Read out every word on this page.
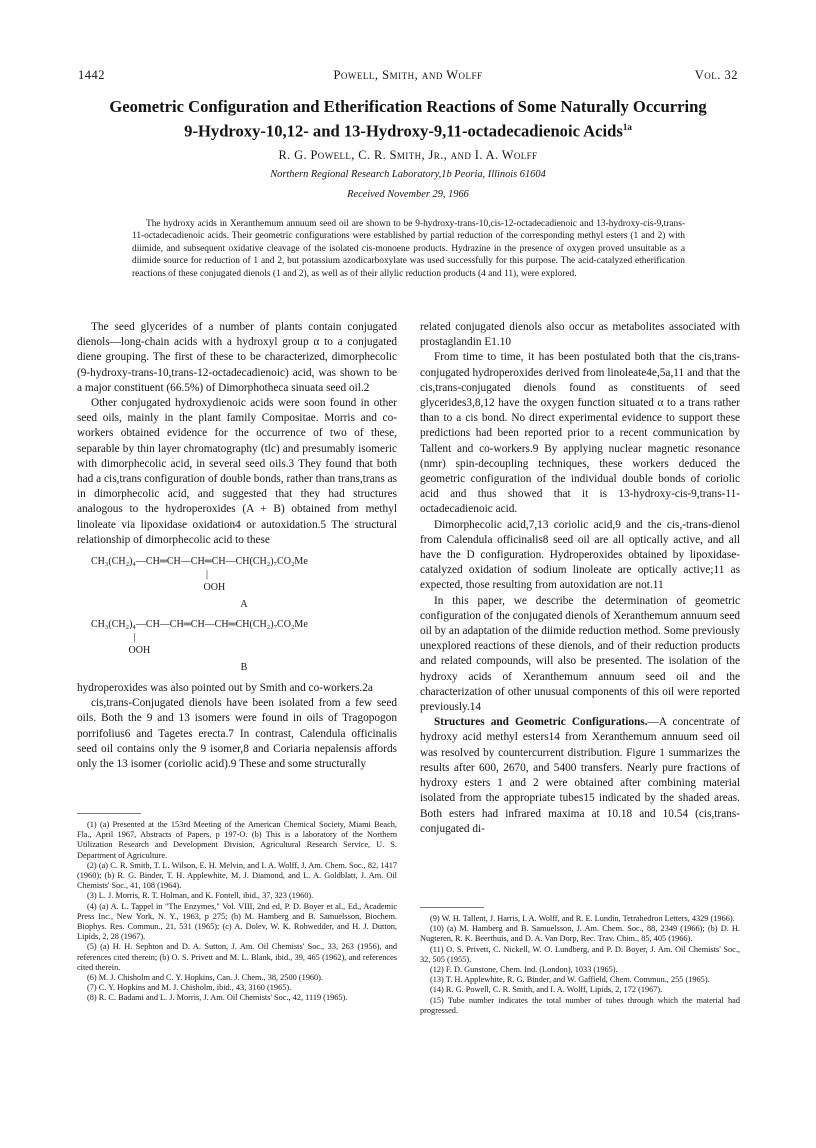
1442	Powell, Smith, and Wolff	Vol. 32
Geometric Configuration and Etherification Reactions of Some Naturally Occurring
9-Hydroxy-10,12- and 13-Hydroxy-9,11-octadecadienoic Acids$^{1a}$
R. G. Powell, C. R. Smith, Jr., and I. A. Wolff
Northern Regional Research Laboratory,1b Peoria, Illinois 61604
Received November 29, 1966

The hydroxy acids in Xeranthemum annuum seed oil are shown to be 9-hydroxy-trans-10,cis-12-octadecadienoic and 13-hydroxy-cis-9,trans-11-octadecadienoic acids. Their geometric configurations were established by partial reduction of the corresponding methyl esters (1 and 2) with diimide, and subsequent oxidative cleavage of the isolated cis-monoene products. Hydrazine in the presence of oxygen proved unsuitable as a diimide source for reduction of 1 and 2, but potassium azodicarboxylate was used successfully for this purpose. The acid-catalyzed etherification reactions of these conjugated dienols (1 and 2), as well as of their allylic reduction products (4 and 11), were explored.

The seed glycerides of a number of plants contain conjugated dienols—long-chain acids with a hydroxyl group α to a conjugated diene grouping. The first of these to be characterized, dimorphecolic (9-hydroxy-trans-10,trans-12-octadecadienoic) acid, was shown to be a major constituent (66.5%) of Dimorphotheca sinuata seed oil.2

Other conjugated hydroxydienoic acids were soon found in other seed oils, mainly in the plant family Compositae. Morris and co-workers obtained evidence for the occurrence of two of these, separable by thin layer chromatography (tlc) and presumably isomeric with dimorphecolic acid, in several seed oils.3 They found that both had a cis,trans configuration of double bonds, rather than trans,trans as in dimorphecolic acid, and suggested that they had structures analogous to the hydroperoxides (A + B) obtained from methyl linoleate via lipoxidase oxidation4 or autoxidation.5 The structural relationship of dimorphecolic acid to these

CH₃(CH₂)₄—CH═CH—CH═CH—CH(CH₂)₇CO₂Me
|
OOH
A
CH₃(CH₂)₄—CH—CH═CH—CH═CH(CH₂)₇CO₂Me
|
OOH
B

hydroperoxides was also pointed out by Smith and co-workers.2a

cis,trans-Conjugated dienols have been isolated from a few seed oils. Both the 9 and 13 isomers were found in oils of Tragopogon porrifolius6 and Tagetes erecta.7 In contrast, Calendula officinalis seed oil contains only the 9 isomer,8 and Coriaria nepalensis affords only the 13 isomer (coriolic acid).9 These and some structurally

related conjugated dienols also occur as metabolites associated with prostaglandin E1.10

From time to time, it has been postulated both that the cis,trans-conjugated hydroperoxides derived from linoleate4e,5a,11 and that the cis,trans-conjugated dienols found as constituents of seed glycerides3,8,12 have the oxygen function situated α to a trans rather than to a cis bond. No direct experimental evidence to support these predictions had been reported prior to a recent communication by Tallent and co-workers.9 By applying nuclear magnetic resonance (nmr) spin-decoupling techniques, these workers deduced the geometric configuration of the individual double bonds of coriolic acid and thus showed that it is 13-hydroxy-cis-9,trans-11-octadecadienoic acid.

Dimorphecolic acid,7,13 coriolic acid,9 and the cis,-trans-dienol from Calendula officinalis8 seed oil are all optically active, and all have the D configuration. Hydroperoxides obtained by lipoxidase-catalyzed oxidation of sodium linoleate are optically active;11 as expected, those resulting from autoxidation are not.11

In this paper, we describe the determination of geometric configuration of the conjugated dienols of Xeranthemum annuum seed oil by an adaptation of the diimide reduction method. Some previously unexplored reactions of these dienols, and of their reduction products and related compounds, will also be presented. The isolation of the hydroxy acids of Xeranthemum annuum seed oil and the characterization of other unusual components of this oil were reported previously.14

Structures and Geometric Configurations.—A concentrate of hydroxy acid methyl esters14 from Xeranthemum annuum seed oil was resolved by countercurrent distribution. Figure 1 summarizes the results after 600, 2670, and 5400 transfers. Nearly pure fractions of hydroxy esters 1 and 2 were obtained after combining material isolated from the appropriate tubes15 indicated by the shaded areas. Both esters had infrared maxima at 10.18 and 10.54 (cis,trans-conjugated di-

(1) (a) Presented at the 153rd Meeting of the American Chemical Society, Miami Beach, Fla., April 1967, Abstracts of Papers, p 197-O. (b) This is a laboratory of the Northern Utilization Research and Development Division, Agricultural Research Service, U. S. Department of Agriculture.

(2) (a) C. R. Smith, T. L. Wilson, E. H. Melvin, and I. A. Wolff, J. Am. Chem. Soc., 82, 1417 (1960); (b) R. G. Binder, T. H. Applewhite, M. J. Diamond, and L. A. Goldblatt, J. Am. Oil Chemists' Soc., 41, 108 (1964).

(3) L. J. Morris, R. T. Holman, and K. Fontell, ibid., 37, 323 (1960).

(4) (a) A. L. Tappel in "The Enzymes," Vol. VIII, 2nd ed, P. D. Boyer et al., Ed., Academic Press Inc., New York, N. Y., 1963, p 275; (b) M. Hamberg and B. Samuelsson, Biochem. Biophys. Res. Commun., 21, 531 (1965); (c) A. Dolev, W. K. Rohwedder, and H. J. Dutton, Lipids, 2, 28 (1967).

(5) (a) H. H. Sephton and D. A. Sutton, J. Am. Oil Chemists' Soc., 33, 263 (1956), and references cited therein; (b) O. S. Privett and M. L. Blank, ibid., 39, 465 (1962), and references cited therein.

(6) M. J. Chisholm and C. Y. Hopkins, Can. J. Chem., 38, 2500 (1960).

(7) C. Y. Hopkins and M. J. Chisholm, ibid., 43, 3160 (1965).

(8) R. C. Badami and L. J. Morris, J. Am. Oil Chemists' Soc., 42, 1119 (1965).

(9) W. H. Tallent, J. Harris, I. A. Wolff, and R. E. Lundin, Tetrahedron Letters, 4329 (1966).

(10) (a) M. Hamberg and B. Samuelsson, J. Am. Chem. Soc., 88, 2349 (1966); (b) D. H. Nugteren, R. K. Beerthuis, and D. A. Van Dorp, Rec. Trav. Chim., 85, 405 (1966).

(11) O. S. Privett, C. Nickell, W. O. Lundberg, and P. D. Boyer, J. Am. Oil Chemists' Soc., 32, 505 (1955).

(12) F. D. Gunstone, Chem. Ind. (London), 1033 (1965).

(13) T. H. Applewhite, R. G. Binder, and W. Gaffield, Chem. Commun., 255 (1965).

(14) R. G. Powell, C. R. Smith, and I. A. Wolff, Lipids, 2, 172 (1967).

(15) Tube number indicates the total number of tubes through which the material had progressed.
